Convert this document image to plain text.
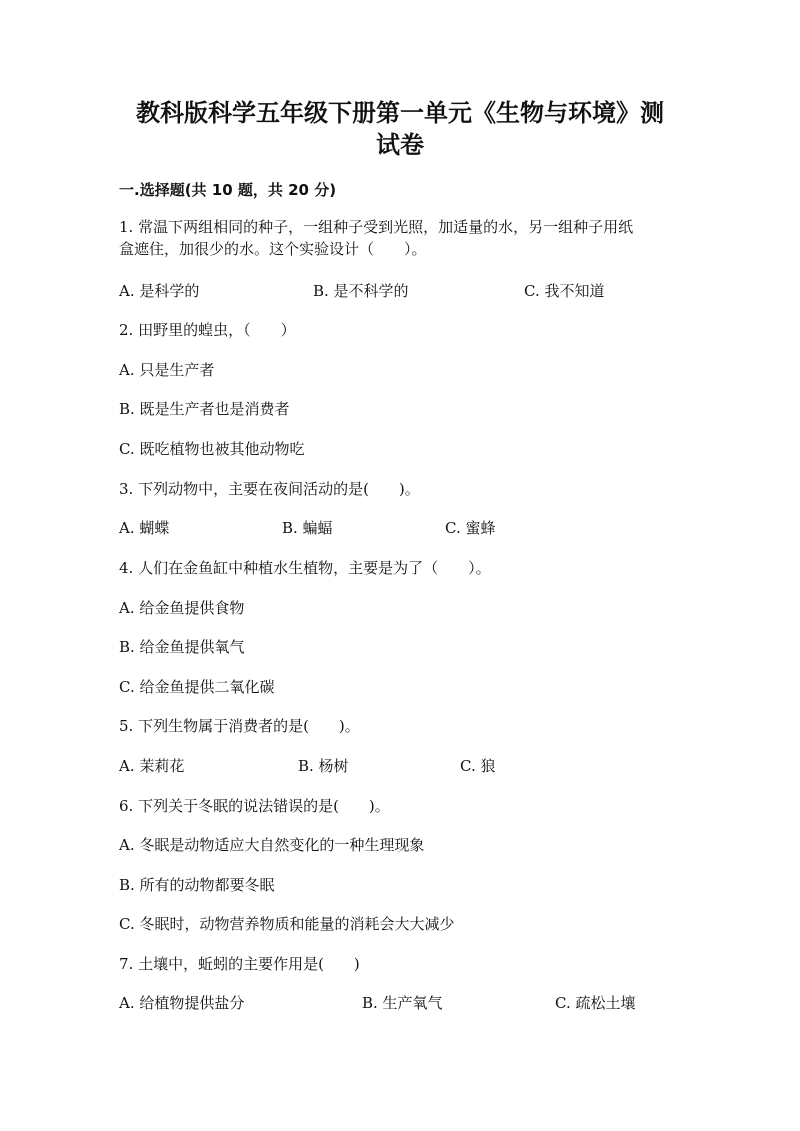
教科版科学五年级下册第一单元《生物与环境》测
试卷
一.选择题(共 10 题，共 20 分)

1. 常温下两组相同的种子，一组种子受到光照，加适量的水，另一组种子用纸
盒遮住，加很少的水。这个实验设计（　　）。

A. 是科学的	B. 是不科学的	C. 我不知道

2. 田野里的蝗虫，（　　）

A. 只是生产者

B. 既是生产者也是消费者

C. 既吃植物也被其他动物吃

3. 下列动物中，主要在夜间活动的是(　　)。

A. 蝴蝶	B. 蝙蝠	C. 蜜蜂

4. 人们在金鱼缸中种植水生植物，主要是为了（　　）。

A. 给金鱼提供食物

B. 给金鱼提供氧气

C. 给金鱼提供二氧化碳

5. 下列生物属于消费者的是(　　)。

A. 茉莉花	B. 杨树	C. 狼

6. 下列关于冬眠的说法错误的是(　　)。

A. 冬眠是动物适应大自然变化的一种生理现象

B. 所有的动物都要冬眠

C. 冬眠时，动物营养物质和能量的消耗会大大减少

7. 土壤中，蚯蚓的主要作用是(　　)

A. 给植物提供盐分	B. 生产氧气	C. 疏松土壤
